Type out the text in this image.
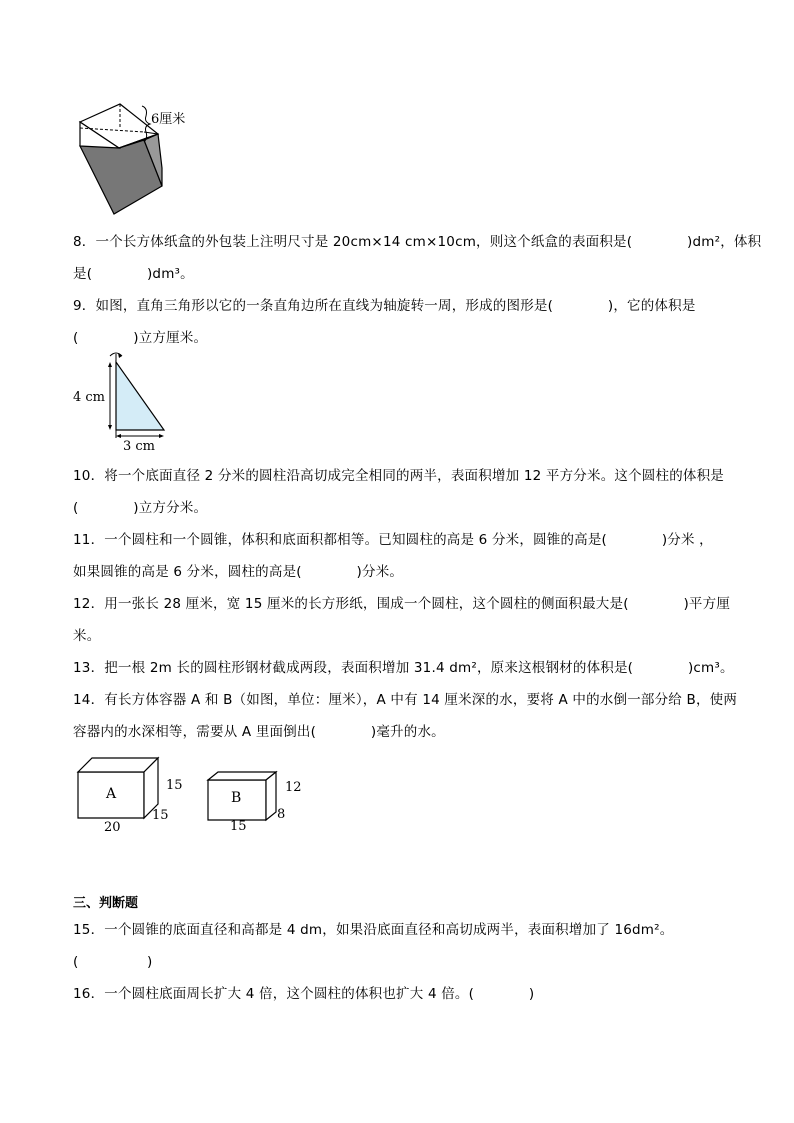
6厘米
8．一个长方体纸盒的外包装上注明尺寸是 20cm×14 cm×10cm，则这个纸盒的表面积是(　　　　)dm²，体积
是(　　　　)dm³。
9．如图，直角三角形以它的一条直角边所在直线为轴旋转一周，形成的图形是(　　　　)，它的体积是
(　　　　)立方厘米。
4 cm
3 cm
10．将一个底面直径 2 分米的圆柱沿高切成完全相同的两半，表面积增加 12 平方分米。这个圆柱的体积是
(　　　　)立方分米。
11．一个圆柱和一个圆锥，体积和底面积都相等。已知圆柱的高是 6 分米，圆锥的高是(　　　　)分米 ，
如果圆锥的高是 6 分米，圆柱的高是(　　　　)分米。
12．用一张长 28 厘米，宽 15 厘米的长方形纸，围成一个圆柱，这个圆柱的侧面积最大是(　　　　)平方厘
米。
13．把一根 2m 长的圆柱形钢材截成两段，表面积增加 31.4 dm²，原来这根钢材的体积是(　　　　)cm³。
14．有长方体容器 A 和 B（如图，单位：厘米），A 中有 14 厘米深的水，要将 A 中的水倒一部分给 B，使两
容器内的水深相等，需要从 A 里面倒出(　　　　)毫升的水。
A
15
15
20
B
12
8
15
三、判断题
15．一个圆锥的底面直径和高都是 4 dm，如果沿底面直径和高切成两半，表面积增加了 16dm²。
(　　　　　)
16．一个圆柱底面周长扩大 4 倍，这个圆柱的体积也扩大 4 倍。(　　　　)
